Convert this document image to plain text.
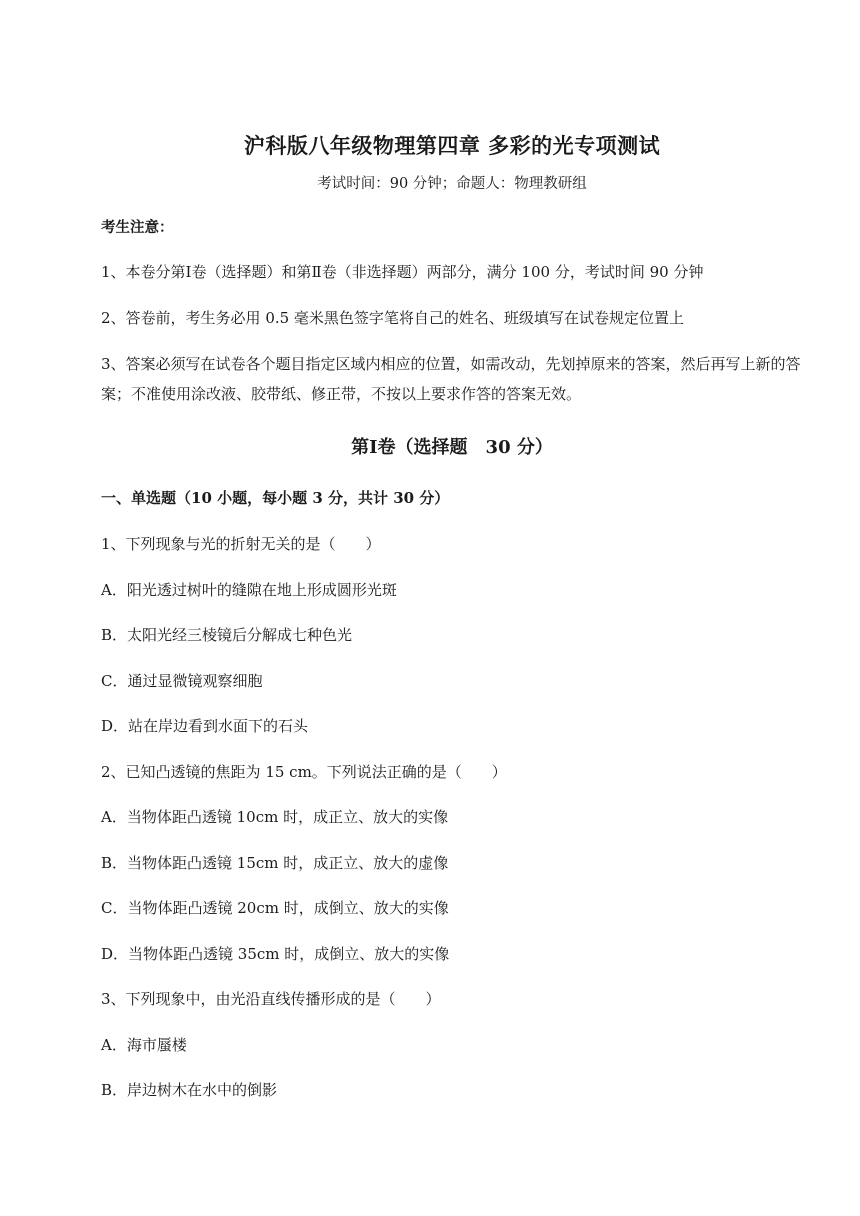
沪科版八年级物理第四章 多彩的光专项测试
考试时间：90 分钟；命题人：物理教研组
考生注意：
1、本卷分第Ⅰ卷（选择题）和第Ⅱ卷（非选择题）两部分，满分 100 分，考试时间 90 分钟
2、答卷前，考生务必用 0.5 毫米黑色签字笔将自己的姓名、班级填写在试卷规定位置上
3、答案必须写在试卷各个题目指定区域内相应的位置，如需改动，先划掉原来的答案，然后再写上新的答案；不准使用涂改液、胶带纸、修正带，不按以上要求作答的答案无效。
第Ⅰ卷（选择题　30 分）
一、单选题（10 小题，每小题 3 分，共计 30 分）
1、下列现象与光的折射无关的是（　　）
A．阳光透过树叶的缝隙在地上形成圆形光斑
B．太阳光经三棱镜后分解成七种色光
C．通过显微镜观察细胞
D．站在岸边看到水面下的石头
2、已知凸透镜的焦距为 15 cm。下列说法正确的是（　　）
A．当物体距凸透镜 10cm 时，成正立、放大的实像
B．当物体距凸透镜 15cm 时，成正立、放大的虚像
C．当物体距凸透镜 20cm 时，成倒立、放大的实像
D．当物体距凸透镜 35cm 时，成倒立、放大的实像
3、下列现象中，由光沿直线传播形成的是（　　）
A．海市蜃楼
B．岸边树木在水中的倒影
